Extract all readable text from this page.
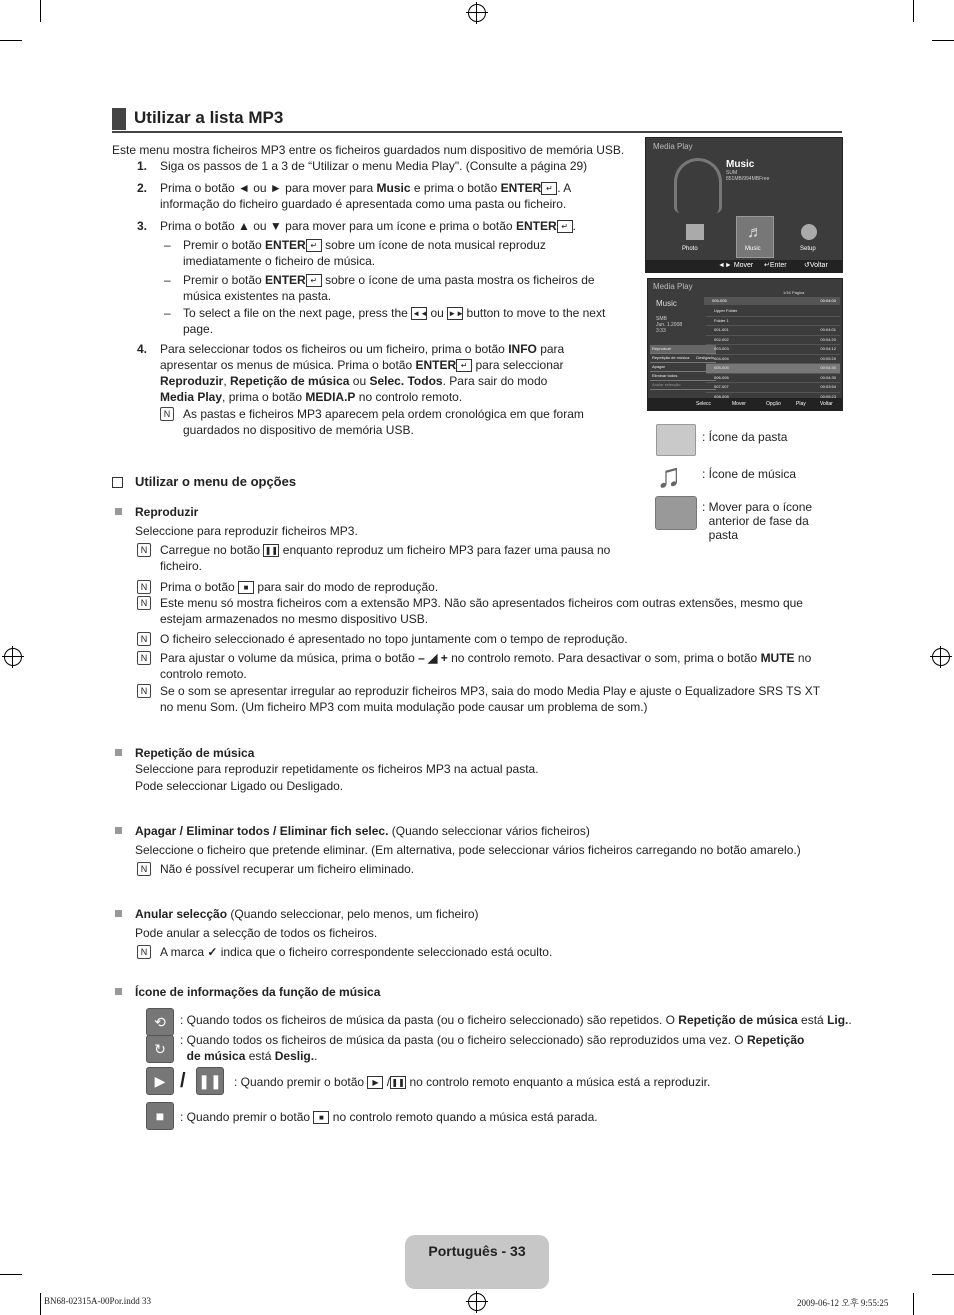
Utilizar a lista MP3
Este menu mostra ficheiros MP3 entre os ficheiros guardados num dispositivo de memória USB.
1. Siga os passos de 1 a 3 de “Utilizar o menu Media Play". (Consulte a página 29)
2. Prima o botão ◄ ou ► para mover para Music e prima o botão ENTER ↵ . A
informação do ficheiro guardado é apresentada como uma pasta ou ficheiro.
3. Prima o botão ▲ ou ▼ para mover para um ícone e prima o botão ENTER ↵ .
– Premir o botão ENTER ↵ sobre um ícone de nota musical reproduz
imediatamente o ficheiro de música.
– Premir o botão ENTER ↵ sobre o ícone de uma pasta mostra os ficheiros de
música existentes na pasta.
– To select a file on the next page, press the ◄◄ ou ►► button to move to the next
page.
4. Para seleccionar todos os ficheiros ou um ficheiro, prima o botão INFO para
apresentar os menus de música. Prima o botão ENTER ↵ para seleccionar
Reproduzir, Repetição de música ou Selec. Todos. Para sair do modo
Media Play, prima o botão MEDIA.P no controlo remoto.
N	As pastas e ficheiros MP3 aparecem pela ordem cronológica em que foram
guardados no dispositivo de memória USB.
Media Play
Music
SUM
851MB/994MBFree
Photo
♬
Music	Setup
◄► Mover ↵Enter ↺Voltar
Media Play
1/16 Página
Music
SMB
Jun. 1.2008
3:33
Reproduzir
Repetição de música Desligado
Apagar
Eliminar todos
Anular selecção
005-005	00:04:00
Upper Folder
Folder 1
001-001	00:04:01
002-002	00:04:20
003-003	00:04:12
004-004	00:05:20
005-005	00:04:30
006-006	00:04:30
007-007	00:03:54
008-008	00:05:23
Selecc	Mover	Opção	Play	Voltar
: Ícone da pasta
♫ : Ícone de música
: Mover para o ícone
anterior de fase da
pasta
Utilizar o menu de opções
Reproduzir
Seleccione para reproduzir ficheiros MP3.
N	Carregue no botão ❚❚ enquanto reproduz um ficheiro MP3 para fazer uma pausa no
ficheiro.
N	Prima o botão ■ para sair do modo de reprodução.
N	Este menu só mostra ficheiros com a extensão MP3. Não são apresentados ficheiros com outras extensões, mesmo que
estejam armazenados no mesmo dispositivo USB.
N	O ficheiro seleccionado é apresentado no topo juntamente com o tempo de reprodução.
N	Para ajustar o volume da música, prima o botão – ◢ + no controlo remoto. Para desactivar o som, prima o botão MUTE no
controlo remoto.
N	Se o som se apresentar irregular ao reproduzir ficheiros MP3, saia do modo Media Play e ajuste o Equalizadore SRS TS XT
no menu Som. (Um ficheiro MP3 com muita modulação pode causar um problema de som.)
Repetição de música
Seleccione para reproduzir repetidamente os ficheiros MP3 na actual pasta.
Pode seleccionar Ligado ou Desligado.
Apagar / Eliminar todos / Eliminar fich selec. (Quando seleccionar vários ficheiros)
Seleccione o ficheiro que pretende eliminar. (Em alternativa, pode seleccionar vários ficheiros carregando no botão amarelo.)
N	Não é possível recuperar um ficheiro eliminado.
Anular selecção (Quando seleccionar, pelo menos, um ficheiro)
Pode anular a selecção de todos os ficheiros.
N	A marca ✓ indica que o ficheiro correspondente seleccionado está oculto.
Ícone de informações da função de música
⟲	: Quando todos os ficheiros de música da pasta (ou o ficheiro seleccionado) são repetidos. O Repetição de música está Lig..
↻
: Quando todos os ficheiros de música da pasta (ou o ficheiro seleccionado) são reproduzidos uma vez. O Repetição
de música está Deslig..
▶ / ❚❚ : Quando premir o botão ▶ /❚❚ no controlo remoto enquanto a música está a reproduzir.
■	: Quando premir o botão ■ no controlo remoto quando a música está parada.
Português - 33
BN68-02315A-00Por.indd 33	2009-06-12 오후 9:55:25
